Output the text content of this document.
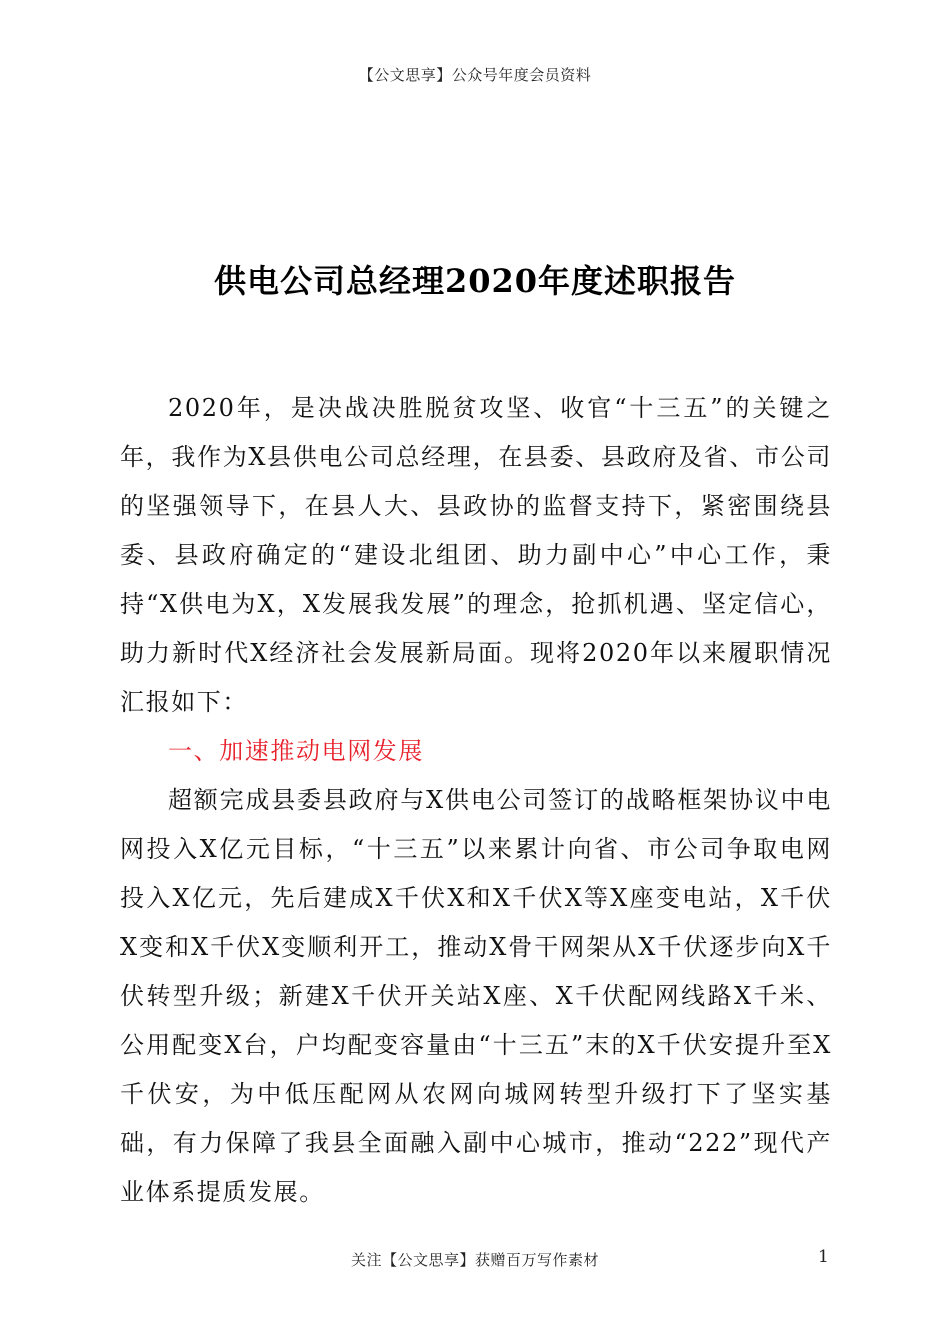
【公文思享】公众号年度会员资料
供电公司总经理2020年度述职报告

2020年，是决战决胜脱贫攻坚、收官“十三五”的关键之年，我作为X县供电公司总经理，在县委、县政府及省、市公司的坚强领导下，在县人大、县政协的监督支持下，紧密围绕县委、县政府确定的“建设北组团、助力副中心”中心工作，秉持“X供电为X，X发展我发展”的理念，抢抓机遇、坚定信心，助力新时代X经济社会发展新局面。现将2020年以来履职情况汇报如下：

一、加速推动电网发展

超额完成县委县政府与X供电公司签订的战略框架协议中电网投入X亿元目标，“十三五”以来累计向省、市公司争取电网投入X亿元，先后建成X千伏X和X千伏X等X座变电站，X千伏X变和X千伏X变顺利开工，推动X骨干网架从X千伏逐步向X千伏转型升级；新建X千伏开关站X座、X千伏配网线路X千米、公用配变X台，户均配变容量由“十三五”末的X千伏安提升至X千伏安，为中低压配网从农网向城网转型升级打下了坚实基础，有力保障了我县全面融入副中心城市，推动“222”现代产业体系提质发展。

关注【公文思享】获赠百万写作素材	1
